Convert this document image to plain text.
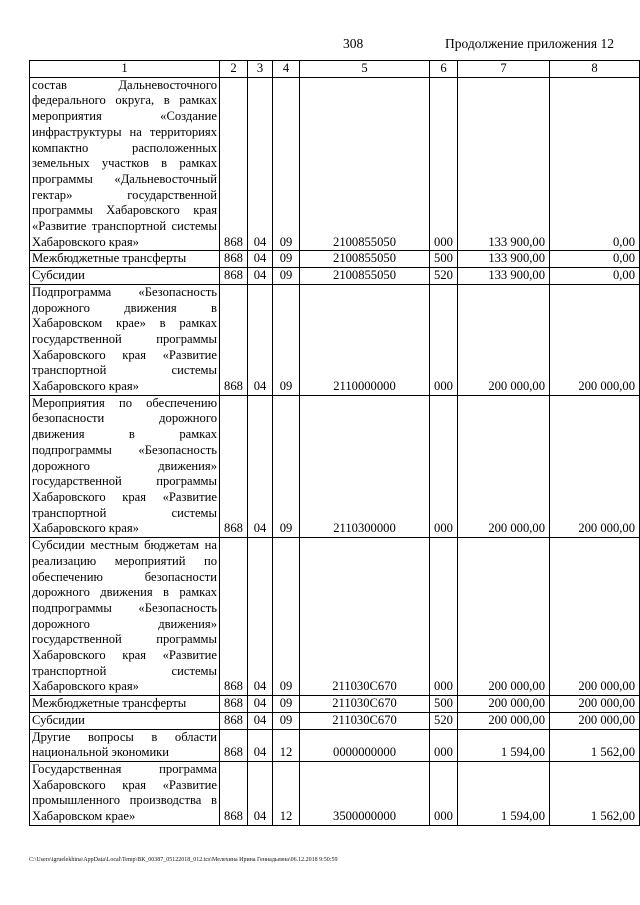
308	Продолжение приложения 12
1	2	3	4	5	6	7	8
состав Дальневосточного федерального округа, в рамках мероприятия «Создание инфраструктуры на территориях компактно расположенных земельных участков в рамках программы «Дальневосточный гектар» государственной программы Хабаровского края «Развитие транспортной системы Хабаровского края»	868	04	09	2100855050	000	133 900,00	0,00
Межбюджетные трансферты	868	04	09	2100855050	500	133 900,00	0,00
Субсидии	868	04	09	2100855050	520	133 900,00	0,00
Подпрограмма «Безопасность дорожного движения в Хабаровском крае» в рамках государственной программы Хабаровского края «Развитие транспортной системы Хабаровского края»	868	04	09	2110000000	000	200 000,00	200 000,00
Мероприятия по обеспечению безопасности дорожного движения в рамках подпрограммы «Безопасность дорожного движения» государственной программы Хабаровского края «Развитие транспортной системы Хабаровского края»	868	04	09	2110300000	000	200 000,00	200 000,00
Субсидии местным бюджетам на реализацию мероприятий по обеспечению безопасности дорожного движения в рамках подпрограммы «Безопасность дорожного движения» государственной программы Хабаровского края «Развитие транспортной системы Хабаровского края»	868	04	09	211030С670	000	200 000,00	200 000,00
Межбюджетные трансферты	868	04	09	211030С670	500	200 000,00	200 000,00
Субсидии	868	04	09	211030С670	520	200 000,00	200 000,00
Другие вопросы в области национальной экономики	868	04	12	0000000000	000	1 594,00	1 562,00
Государственная программа Хабаровского края «Развитие промышленного производства в Хабаровском крае»	868	04	12	3500000000	000	1 594,00	1 562,00
C:\Users\igruelekhina\AppData\Local\Temp\ВК_00387_05122018_012.tcs\Мелехина Ирина Геннадьевна\06.12.2018 9:50:59
